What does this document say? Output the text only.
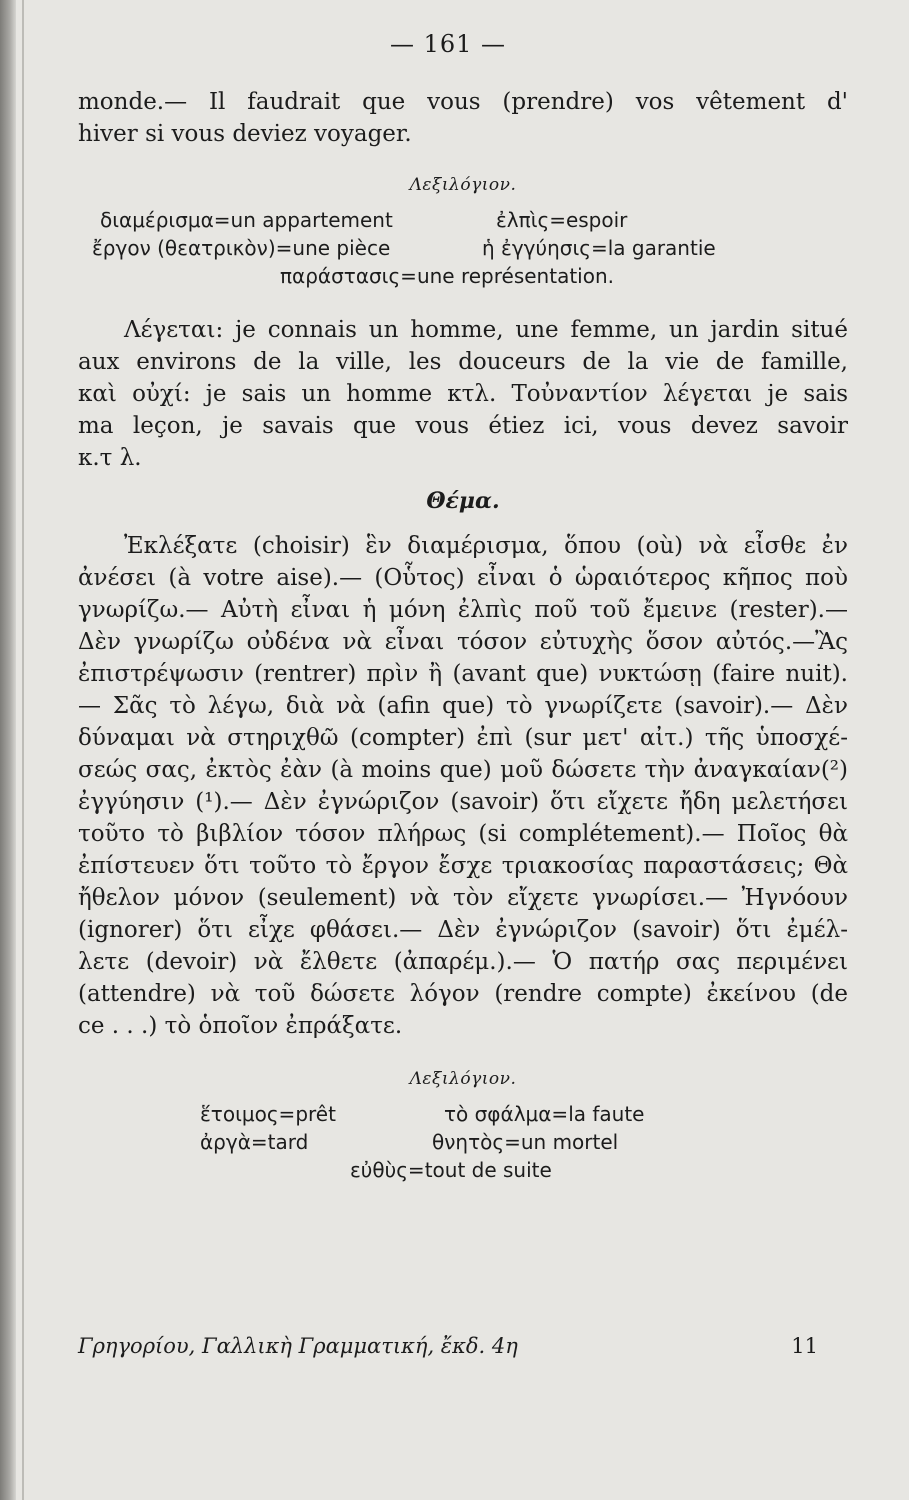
— 161 —
monde.— Il faudrait que vous (prendre) vos vêtement d'
hiver si vous deviez voyager.
Λεξιλόγιον.
διαμέρισμα=un appartement	ἐλπὶς=espoir
ἔργον (θεατρικὸν)=une pièce	ἡ ἐγγύησις=la garantie
παράστασις=une représentation.
Λέγεται: je connais un homme, une femme, un jardin situé
aux environs de la ville, les douceurs de la vie de famille,
καὶ οὐχί: je sais un homme κτλ. Τοὐναντίον λέγεται je sais
ma leçon, je savais que vous étiez ici, vous devez savoir
κ.τ λ.
Θέμα.
Ἐκλέξατε (choisir) ἓν διαμέρισμα, ὅπου (où) νὰ εἶσθε ἐν
ἀνέσει (à votre aise).— (Οὗτος) εἶναι ὁ ὡραιότερος κῆπος ποὺ
γνωρίζω.— Αὐτὴ εἶναι ἡ μόνη ἐλπὶς ποῦ τοῦ ἔμεινε (rester).—
Δὲν γνωρίζω οὐδένα νὰ εἶναι τόσον εὐτυχὴς ὅσον αὐτός.—Ἂς
ἐπιστρέψωσιν (rentrer) πρὶν ἢ (avant que) νυκτώσῃ (faire nuit).
— Σᾶς τὸ λέγω, διὰ νὰ (afin que) τὸ γνωρίζετε (savoir).— Δὲν
δύναμαι νὰ στηριχθῶ (compter) ἐπὶ (sur μετ' αἰτ.) τῆς ὑποσχέ-
σεώς σας, ἐκτὸς ἐὰν (à moins que) μοῦ δώσετε τὴν ἀναγκαίαν(²)
ἐγγύησιν (¹).— Δὲν ἐγνώριζον (savoir) ὅτι εἴχετε ἤδη μελετήσει
τοῦτο τὸ βιβλίον τόσον πλήρως (si complétement).— Ποῖος θὰ
ἐπίστευεν ὅτι τοῦτο τὸ ἔργον ἔσχε τριακοσίας παραστάσεις; Θὰ
ἤθελον μόνον (seulement) νὰ τὸν εἴχετε γνωρίσει.— Ἠγνόουν
(ignorer) ὅτι εἶχε φθάσει.— Δὲν ἐγνώριζον (savoir) ὅτι ἐμέλ-
λετε (devoir) νὰ ἔλθετε (ἀπαρέμ.).— Ὁ πατήρ σας περιμένει
(attendre) νὰ τοῦ δώσετε λόγον (rendre compte) ἐκείνου (de
ce . . .) τὸ ὁποῖον ἐπράξατε.
Λεξιλόγιον.
ἕτοιμος=prêt	τὸ σφάλμα=la faute
ἀργὰ=tard	θνητὸς=un mortel
εὐθὺς=tout de suite
Γρηγορίου, Γαλλικὴ Γραμματική, ἔκδ. 4η	11
